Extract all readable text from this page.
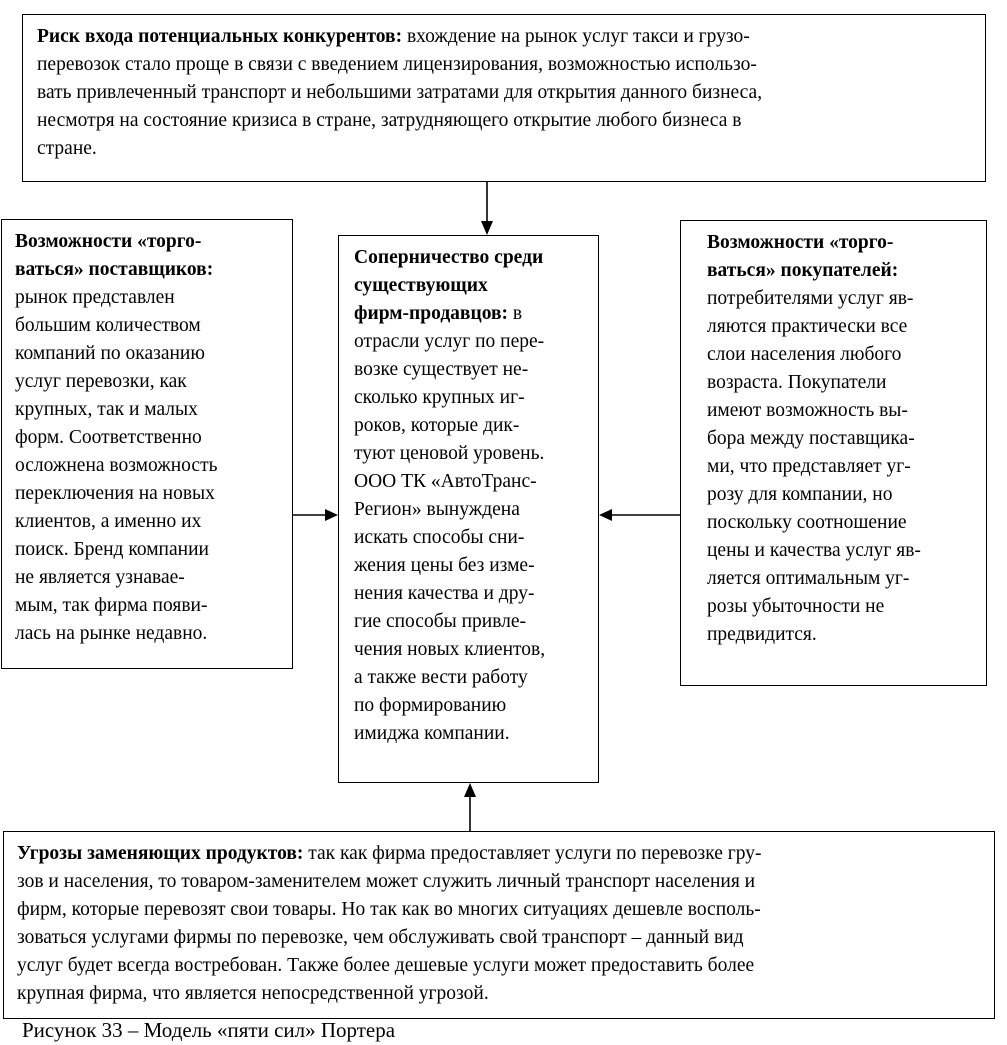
Риск входа потенциальных конкурентов: вхождение на рынок услуг такси и грузо-
перевозок стало проще в связи с введением лицензирования, возможностью использо-
вать привлеченный транспорт и небольшими затратами для открытия данного бизнеса,
несмотря на состояние кризиса в стране, затрудняющего открытие любого бизнеса в
стране.
Возможности «торго-
ваться» поставщиков:
рынок представлен
большим количеством
компаний по оказанию
услуг перевозки, как
крупных, так и малых
форм. Соответственно
осложнена возможность
переключения на новых
клиентов, а именно их
поиск. Бренд компании
не является узнавае-
мым, так фирма появи-
лась на рынке недавно.
Соперничество среди
существующих
фирм-продавцов: в
отрасли услуг по пере-
возке существует не-
сколько крупных иг-
роков, которые дик-
туют ценовой уровень.
ООО ТК «АвтоТранс-
Регион» вынуждена
искать способы сни-
жения цены без изме-
нения качества и дру-
гие способы привле-
чения новых клиентов,
а также вести работу
по формированию
имиджа компании.
Возможности «торго-
ваться» покупателей:
потребителями услуг яв-
ляются практически все
слои населения любого
возраста. Покупатели
имеют возможность вы-
бора между поставщика-
ми, что представляет уг-
розу для компании, но
поскольку соотношение
цены и качества услуг яв-
ляется оптимальным уг-
розы убыточности не
предвидится.
Угрозы заменяющих продуктов: так как фирма предоставляет услуги по перевозке гру-
зов и населения, то товаром-заменителем может служить личный транспорт населения и
фирм, которые перевозят свои товары. Но так как во многих ситуациях дешевле восполь-
зоваться услугами фирмы по перевозке, чем обслуживать свой транспорт – данный вид
услуг будет всегда востребован. Также более дешевые услуги может предоставить более
крупная фирма, что является непосредственной угрозой.
Рисунок 33 – Модель «пяти сил» Портера
